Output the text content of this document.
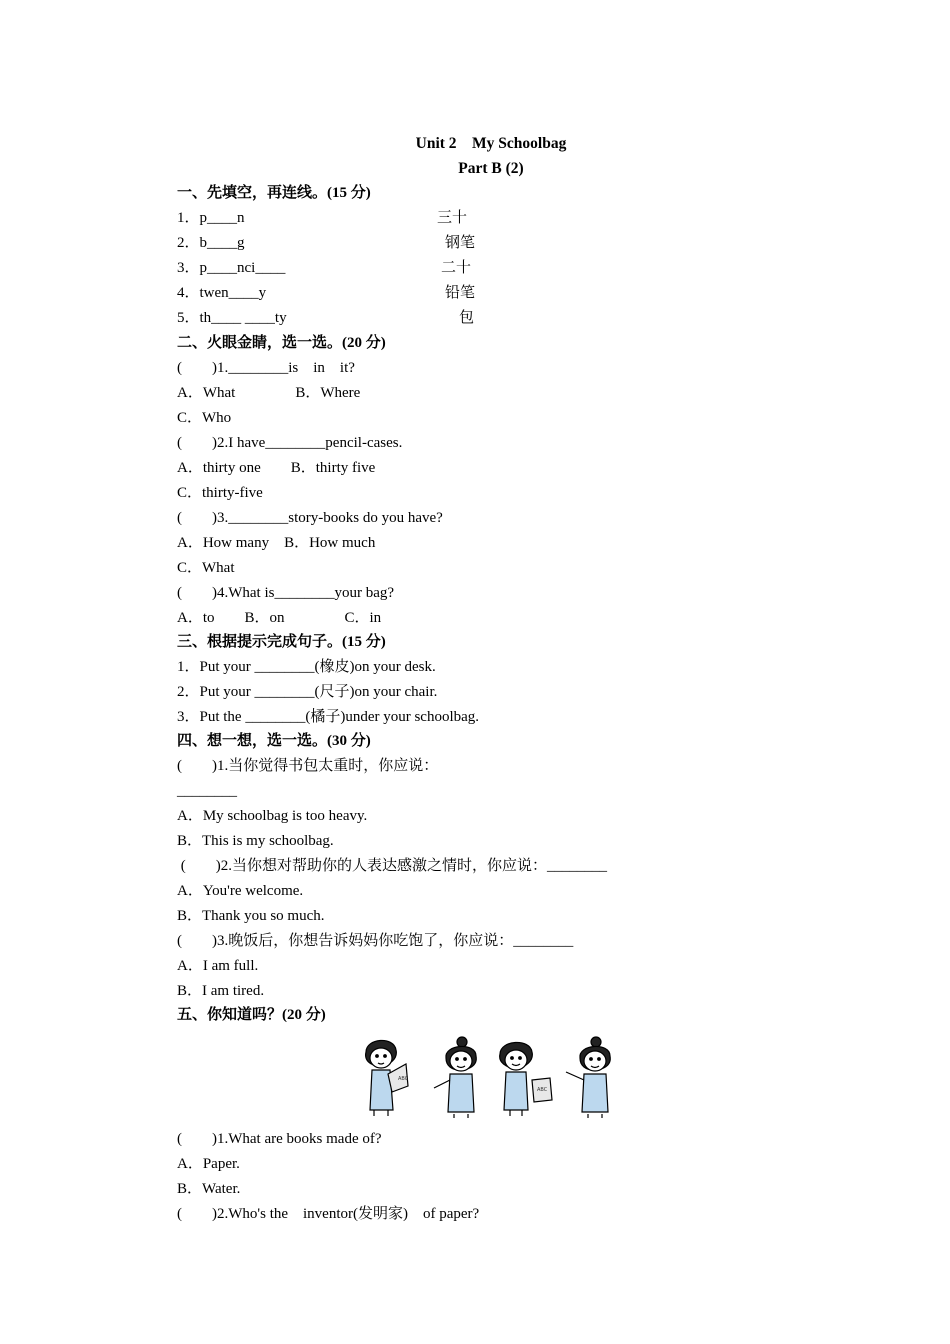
Unit 2　My Schoolbag
Part B (2)
一、先填空，再连线。(15 分)
1．p____n
2．b____g
3．p____nci____
4．twen____y
5．th____ ____ty
三十
钢笔
二十
铅笔
包
二、火眼金睛，选一选。(20 分)
(　　)1.________is　in　it?
A．What　　　　B．Where
C．Who
(　　)2.I have________pencil-cases.
A．thirty one　　B．thirty five
C．thirty-five
(　　)3.________story-books do you have?
A．How many　B．How much
C．What
(　　)4.What is________your bag?
A．to　　B．on　　　　C．in
三、根据提示完成句子。(15 分)
1．Put your ________(橡皮)on your desk.
2．Put your ________(尺子)on your chair.
3．Put the ________(橘子)under your schoolbag.
四、想一想，选一选。(30 分)
(　　)1.当你觉得书包太重时，你应说：
________
A．My schoolbag is too heavy.
B．This is my schoolbag.
(　　)2.当你想对帮助你的人表达感激之情时，你应说：________
A．You're welcome.
B．Thank you so much.
(　　)3.晚饭后，你想告诉妈妈你吃饱了，你应说：________
A．I am full.
B．I am tired.
五、你知道吗？(20 分)
ABC
ABC
(　　)1.What are books made of?
A．Paper.
B．Water.
(　　)2.Who's the　inventor(发明家)　of paper?
